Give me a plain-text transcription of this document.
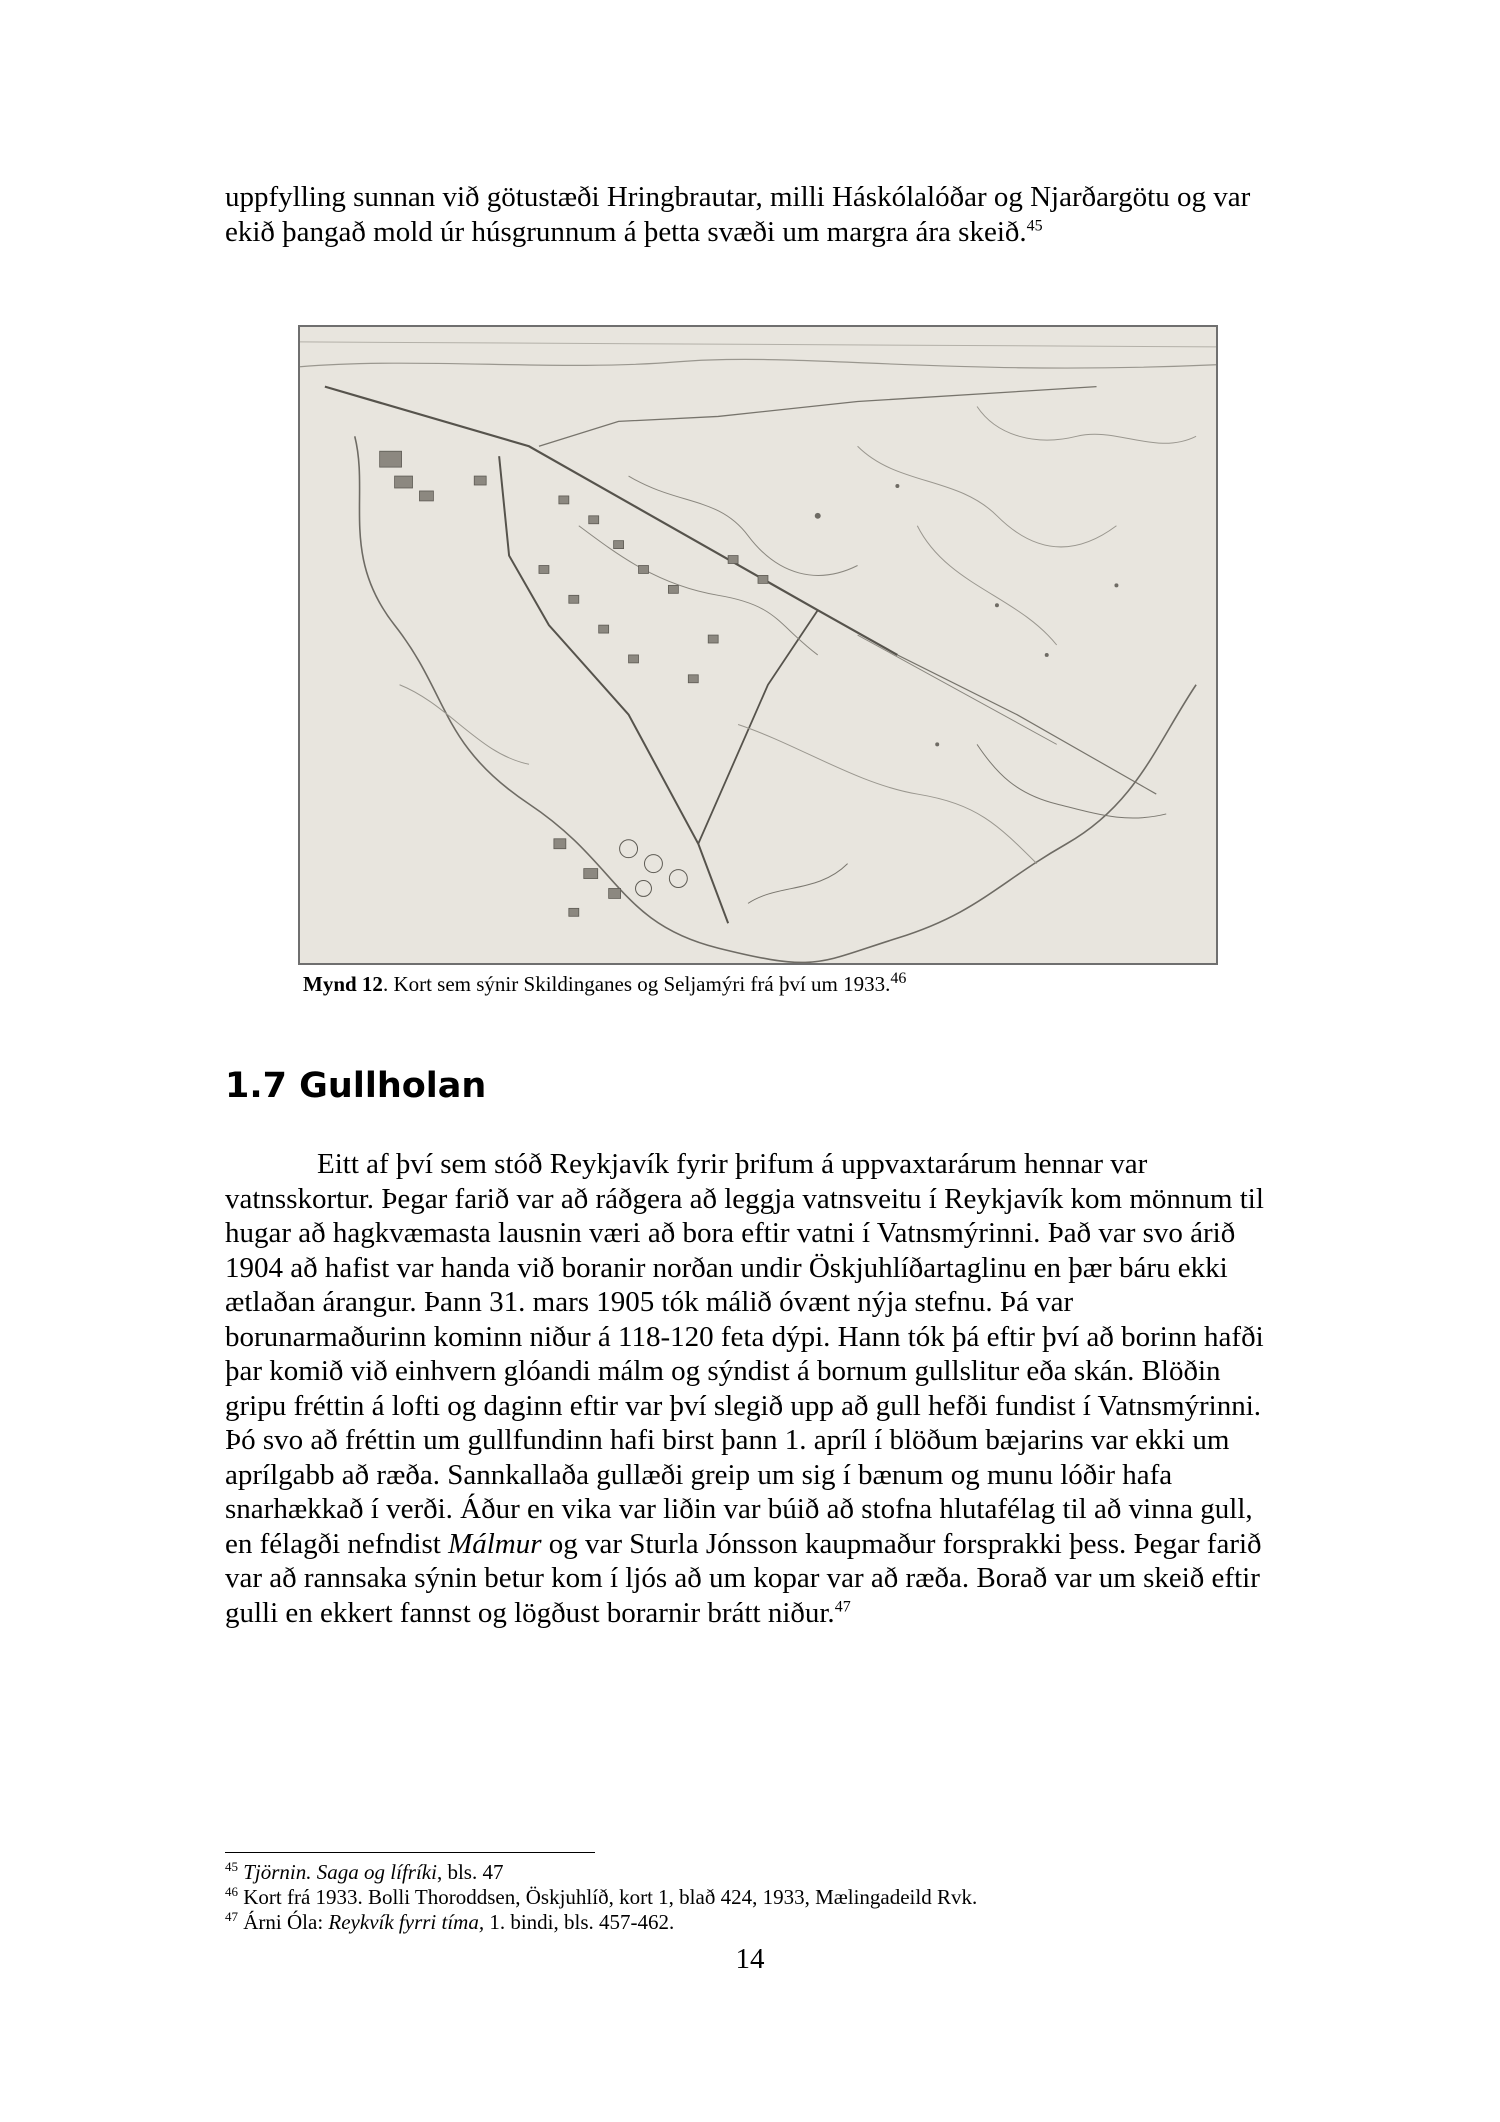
uppfylling sunnan við götustæði Hringbrautar, milli Háskólalóðar og Njarðargötu og var ekið þangað mold úr húsgrunnum á þetta svæði um margra ára skeið.$^{45}$

Mynd 12. Kort sem sýnir Skildinganes og Seljamýri frá því um 1933.46

1.7 Gullholan

Eitt af því sem stóð Reykjavík fyrir þrifum á uppvaxtarárum hennar var vatnsskortur. Þegar farið var að ráðgera að leggja vatnsveitu í Reykjavík kom mönnum til hugar að hagkvæmasta lausnin væri að bora eftir vatni í Vatnsmýrinni. Það var svo árið 1904 að hafist var handa við boranir norðan undir Öskjuhlíðartaglinu en þær báru ekki ætlaðan árangur. Þann 31. mars 1905 tók málið óvænt nýja stefnu. Þá var borunarmaðurinn kominn niður á 118-120 feta dýpi. Hann tók þá eftir því að borinn hafði þar komið við einhvern glóandi málm og sýndist á bornum gullslitur eða skán. Blöðin gripu fréttin á lofti og daginn eftir var því slegið upp að gull hefði fundist í Vatnsmýrinni. Þó svo að fréttin um gullfundinn hafi birst þann 1. apríl í blöðum bæjarins var ekki um aprílgabb að ræða. Sannkallaða gullæði greip um sig í bænum og munu lóðir hafa snarhækkað í verði. Áður en vika var liðin var búið að stofna hlutafélag til að vinna gull, en félagði nefndist Málmur og var Sturla Jónsson kaupmaður forsprakki þess. Þegar farið var að rannsaka sýnin betur kom í ljós að um kopar var að ræða. Borað var um skeið eftir gulli en ekkert fannst og lögðust borarnir brátt niður.$^{47}$

$^{45}$ Tjörnin. Saga og lífríki, bls. 47
$^{46}$ Kort frá 1933. Bolli Thoroddsen, Öskjuhlíð, kort 1, blað 424, 1933, Mælingadeild Rvk.
$^{47}$ Árni Óla: Reykvík fyrri tíma, 1. bindi, bls. 457-462.

14
